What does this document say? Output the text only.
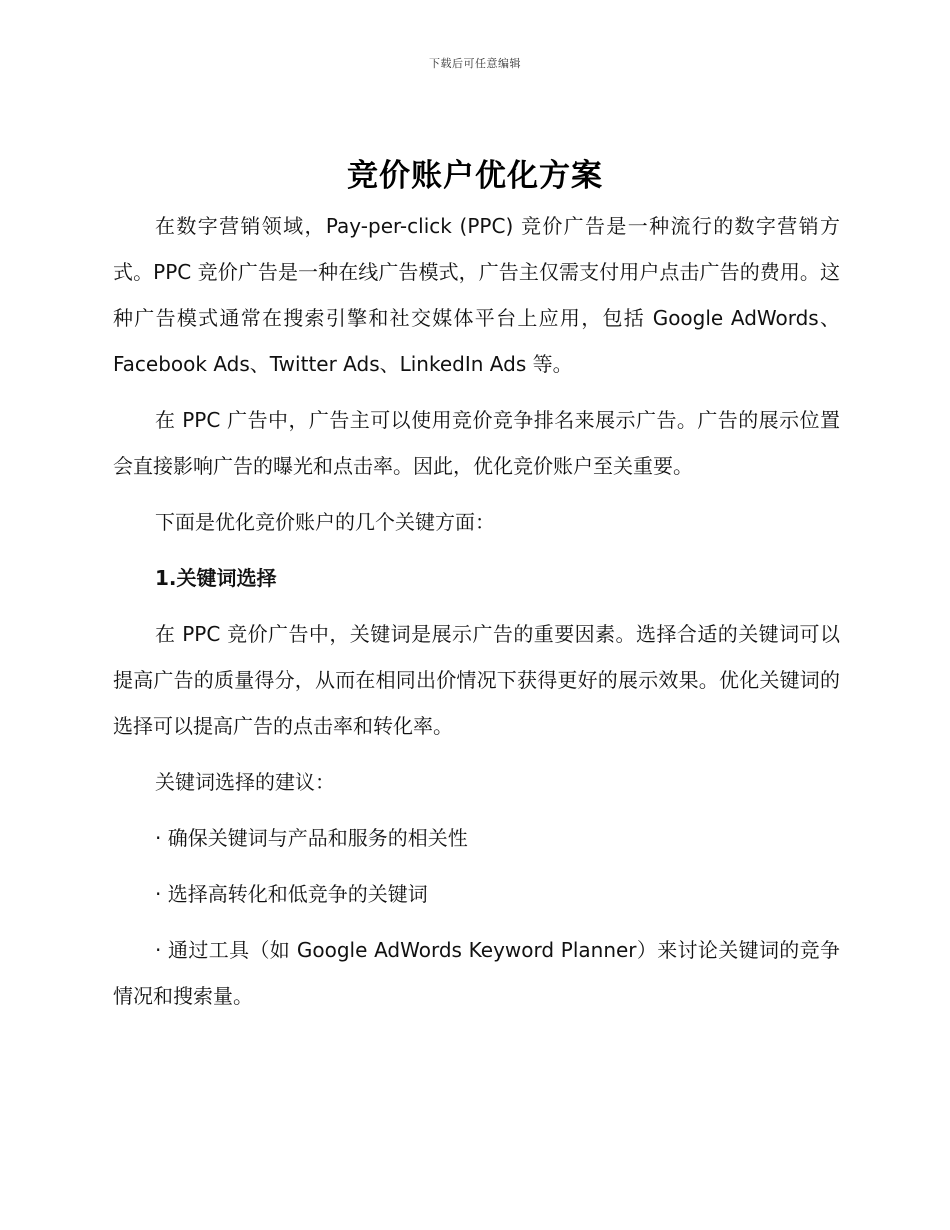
下载后可任意编辑
竞价账户优化方案

在数字营销领域，Pay-per-click (PPC) 竞价广告是一种流行的数字营销方式。PPC 竞价广告是一种在线广告模式，广告主仅需支付用户点击广告的费用。这种广告模式通常在搜索引擎和社交媒体平台上应用，包括 Google AdWords、Facebook Ads、Twitter Ads、LinkedIn Ads 等。

在 PPC 广告中，广告主可以使用竞价竞争排名来展示广告。广告的展示位置会直接影响广告的曝光和点击率。因此，优化竞价账户至关重要。

下面是优化竞价账户的几个关键方面：

1.关键词选择

在 PPC 竞价广告中，关键词是展示广告的重要因素。选择合适的关键词可以提高广告的质量得分，从而在相同出价情况下获得更好的展示效果。优化关键词的选择可以提高广告的点击率和转化率。

关键词选择的建议：

· 确保关键词与产品和服务的相关性

· 选择高转化和低竞争的关键词

· 通过工具（如 Google AdWords Keyword Planner）来讨论关键词的竞争情况和搜索量。
